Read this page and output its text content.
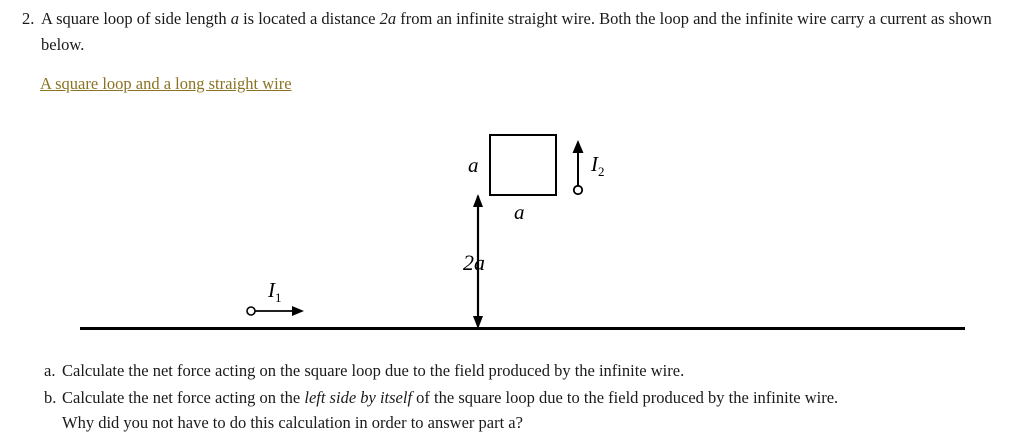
2. A square loop of side length a is located a distance 2a from an infinite straight wire. Both the loop and the infinite wire carry a current as shown below.
A square loop and a long straight wire
a
a
2a
$I_2$
$I_1$
a. Calculate the net force acting on the square loop due to the field produced by the infinite wire.
b. Calculate the net force acting on the left side by itself of the square loop due to the field produced by the infinite wire.
Why did you not have to do this calculation in order to answer part a?
